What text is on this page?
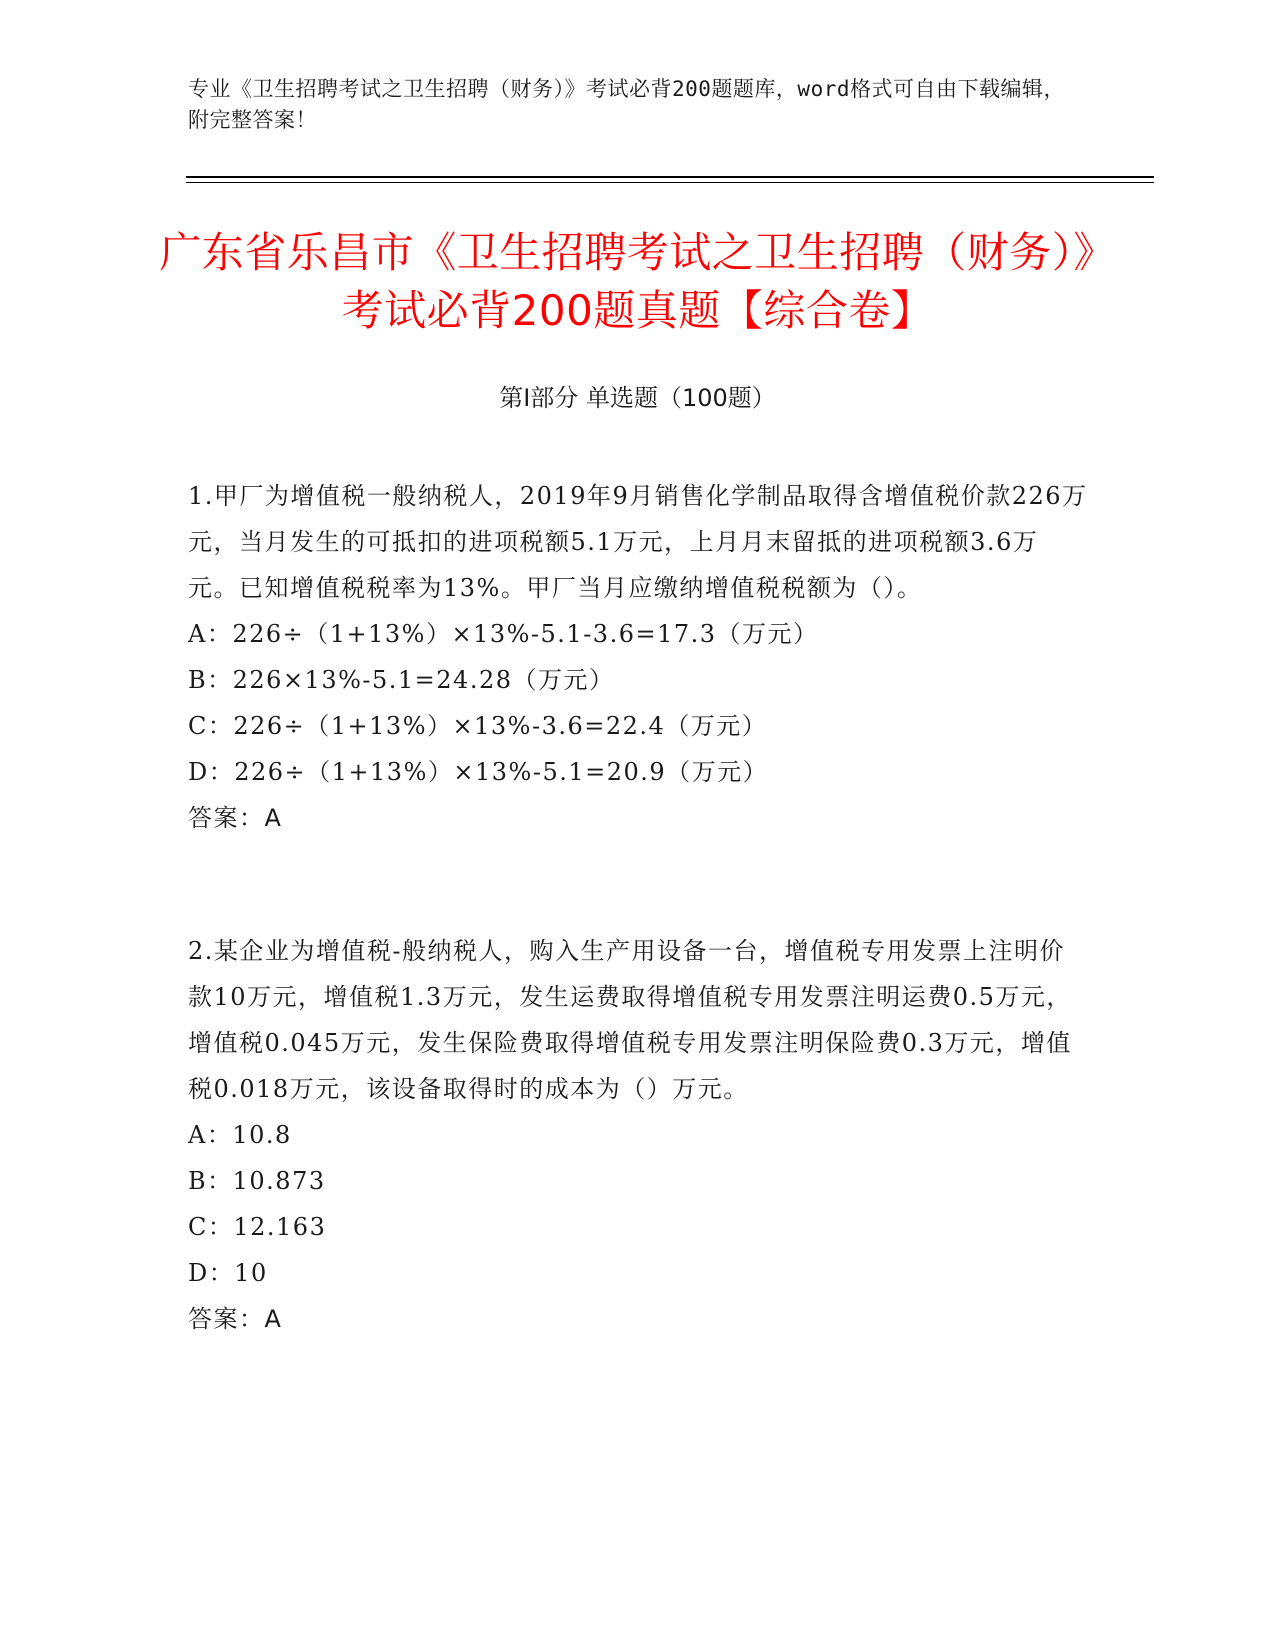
专业《卫生招聘考试之卫生招聘（财务）》考试必背200题题库，word格式可自由下载编辑，附完整答案！
广东省乐昌市《卫生招聘考试之卫生招聘（财务）》考试必背200题真题【综合卷】
第I部分 单选题（100题）

1.甲厂为增值税一般纳税人，2019年9月销售化学制品取得含增值税价款226万元，当月发生的可抵扣的进项税额5.1万元，上月月末留抵的进项税额3.6万元。已知增值税税率为13%。甲厂当月应缴纳增值税税额为（）。

A：226÷（1+13%）×13%-5.1-3.6=17.3（万元）

B：226×13%-5.1=24.28（万元）

C：226÷（1+13%）×13%-3.6=22.4（万元）

D：226÷（1+13%）×13%-5.1=20.9（万元）

答案：A

2.某企业为增值税-般纳税人，购入生产用设备一台，增值税专用发票上注明价款10万元，增值税1.3万元，发生运费取得增值税专用发票注明运费0.5万元，增值税0.045万元，发生保险费取得增值税专用发票注明保险费0.3万元，增值税0.018万元，该设备取得时的成本为（）万元。

A：10.8

B：10.873

C：12.163

D：10

答案：A
